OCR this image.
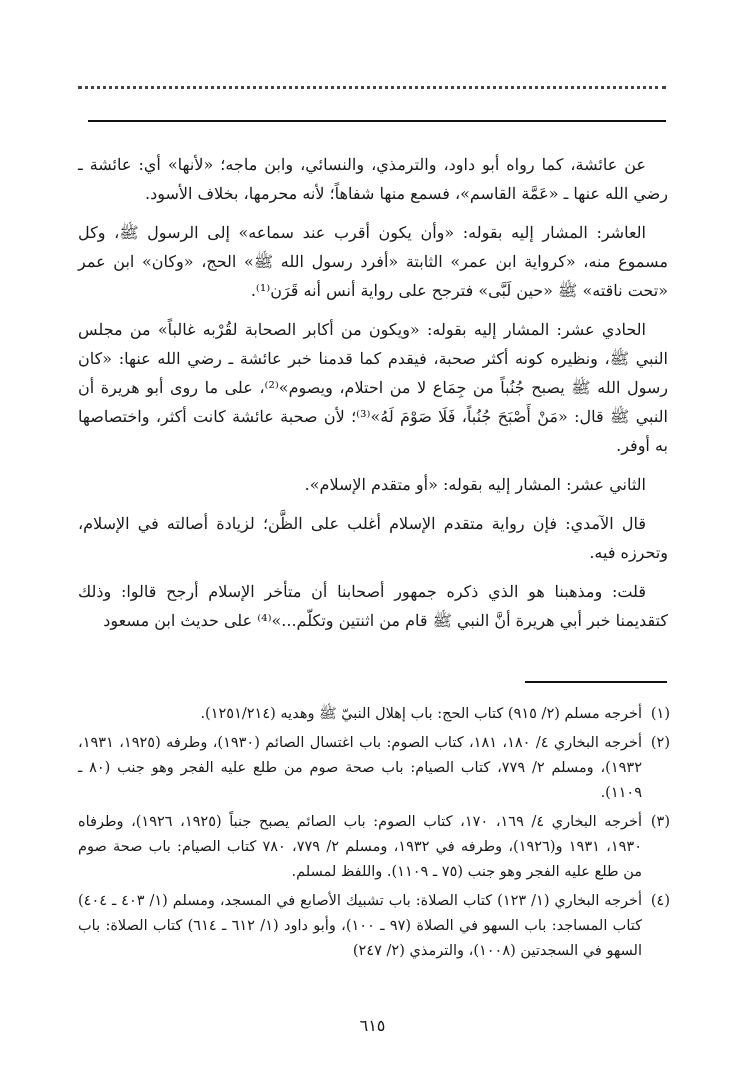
عن عائشة، كما رواه أبو داود، والترمذي، والنسائي، وابن ماجه؛ «لأنها» أي: عائشة ـ رضي الله عنها ـ «عَمَّة القاسم»، فسمع منها شفاهاً؛ لأنه محرمها، بخلاف الأسود.

العاشر: المشار إليه بقوله: «وأن يكون أقرب عند سماعه» إلى الرسول ﷺ، وكل مسموع منه، «كرواية ابن عمر» الثابتة «أفرد رسول الله ﷺ» الحج، «وكان» ابن عمر «تحت ناقته» ﷺ «حين لَبَّى» فترجح على رواية أنس أنه قَرَن⁽¹⁾.

الحادي عشر: المشار إليه بقوله: «ويكون من أكابر الصحابة لقُرْبه غالباً» من مجلس النبي ﷺ، ونظيره كونه أكثر صحبة، فيقدم كما قدمنا خبر عائشة ـ رضي الله عنها: «كان رسول الله ﷺ يصبح جُنُباً من جِمَاع لا من احتلام، ويصوم»⁽²⁾، على ما روى أبو هريرة أن النبي ﷺ قال: «مَنْ أَصْبَحَ جُنُباً، فَلَا صَوْمَ لَهُ»⁽³⁾؛ لأن صحبة عائشة كانت أكثر، واختصاصها به أوفر.

الثاني عشر: المشار إليه بقوله: «أو متقدم الإسلام».

قال الآمدي: فإن رواية متقدم الإسلام أغلب على الظَّن؛ لزيادة أصالته في الإسلام، وتحرزه فيه.

قلت: ومذهبنا هو الذي ذكره جمهور أصحابنا أن متأخر الإسلام أرجح قالوا: وذلك كتقديمنا خبر أبي هريرة أنَّ النبي ﷺ قام من اثنتين وتكلّم...»⁽⁴⁾ على حديث ابن مسعود

(١)
أخرجه مسلم (٢/ ٩١٥) كتاب الحج: باب إهلال النبيّ ﷺ وهديه (١٢٥١/٢١٤).
(٢)
أخرجه البخاري ٤/ ١٨٠، ١٨١، كتاب الصوم: باب اغتسال الصائم (١٩٣٠)، وطرفه (١٩٢٥، ١٩٣١، ١٩٣٢)، ومسلم ٢/ ٧٧٩، كتاب الصيام: باب صحة صوم من طلع عليه الفجر وهو جنب (٨٠ ـ ١١٠٩).
(٣)
أخرجه البخاري ٤/ ١٦٩، ١٧٠، كتاب الصوم: باب الصائم يصبح جنباً (١٩٢٥، ١٩٢٦)، وطرفاه ١٩٣٠، ١٩٣١ و(١٩٢٦)، وطرفه في ١٩٣٢، ومسلم ٢/ ٧٧٩، ٧٨٠ كتاب الصيام: باب صحة صوم من طلع عليه الفجر وهو جنب (٧٥ ـ ١١٠٩). واللفظ لمسلم.
(٤)
أخرجه البخاري (١/ ١٢٣) كتاب الصلاة: باب تشبيك الأصابع في المسجد، ومسلم (١/ ٤٠٣ ـ ٤٠٤) كتاب المساجد: باب السهو في الصلاة (٩٧ ـ ١٠٠)، وأبو داود (١/ ٦١٢ ـ ٦١٤) كتاب الصلاة: باب السهو في السجدتين (١٠٠٨)، والترمذي (٢/ ٢٤٧)
٦١٥
